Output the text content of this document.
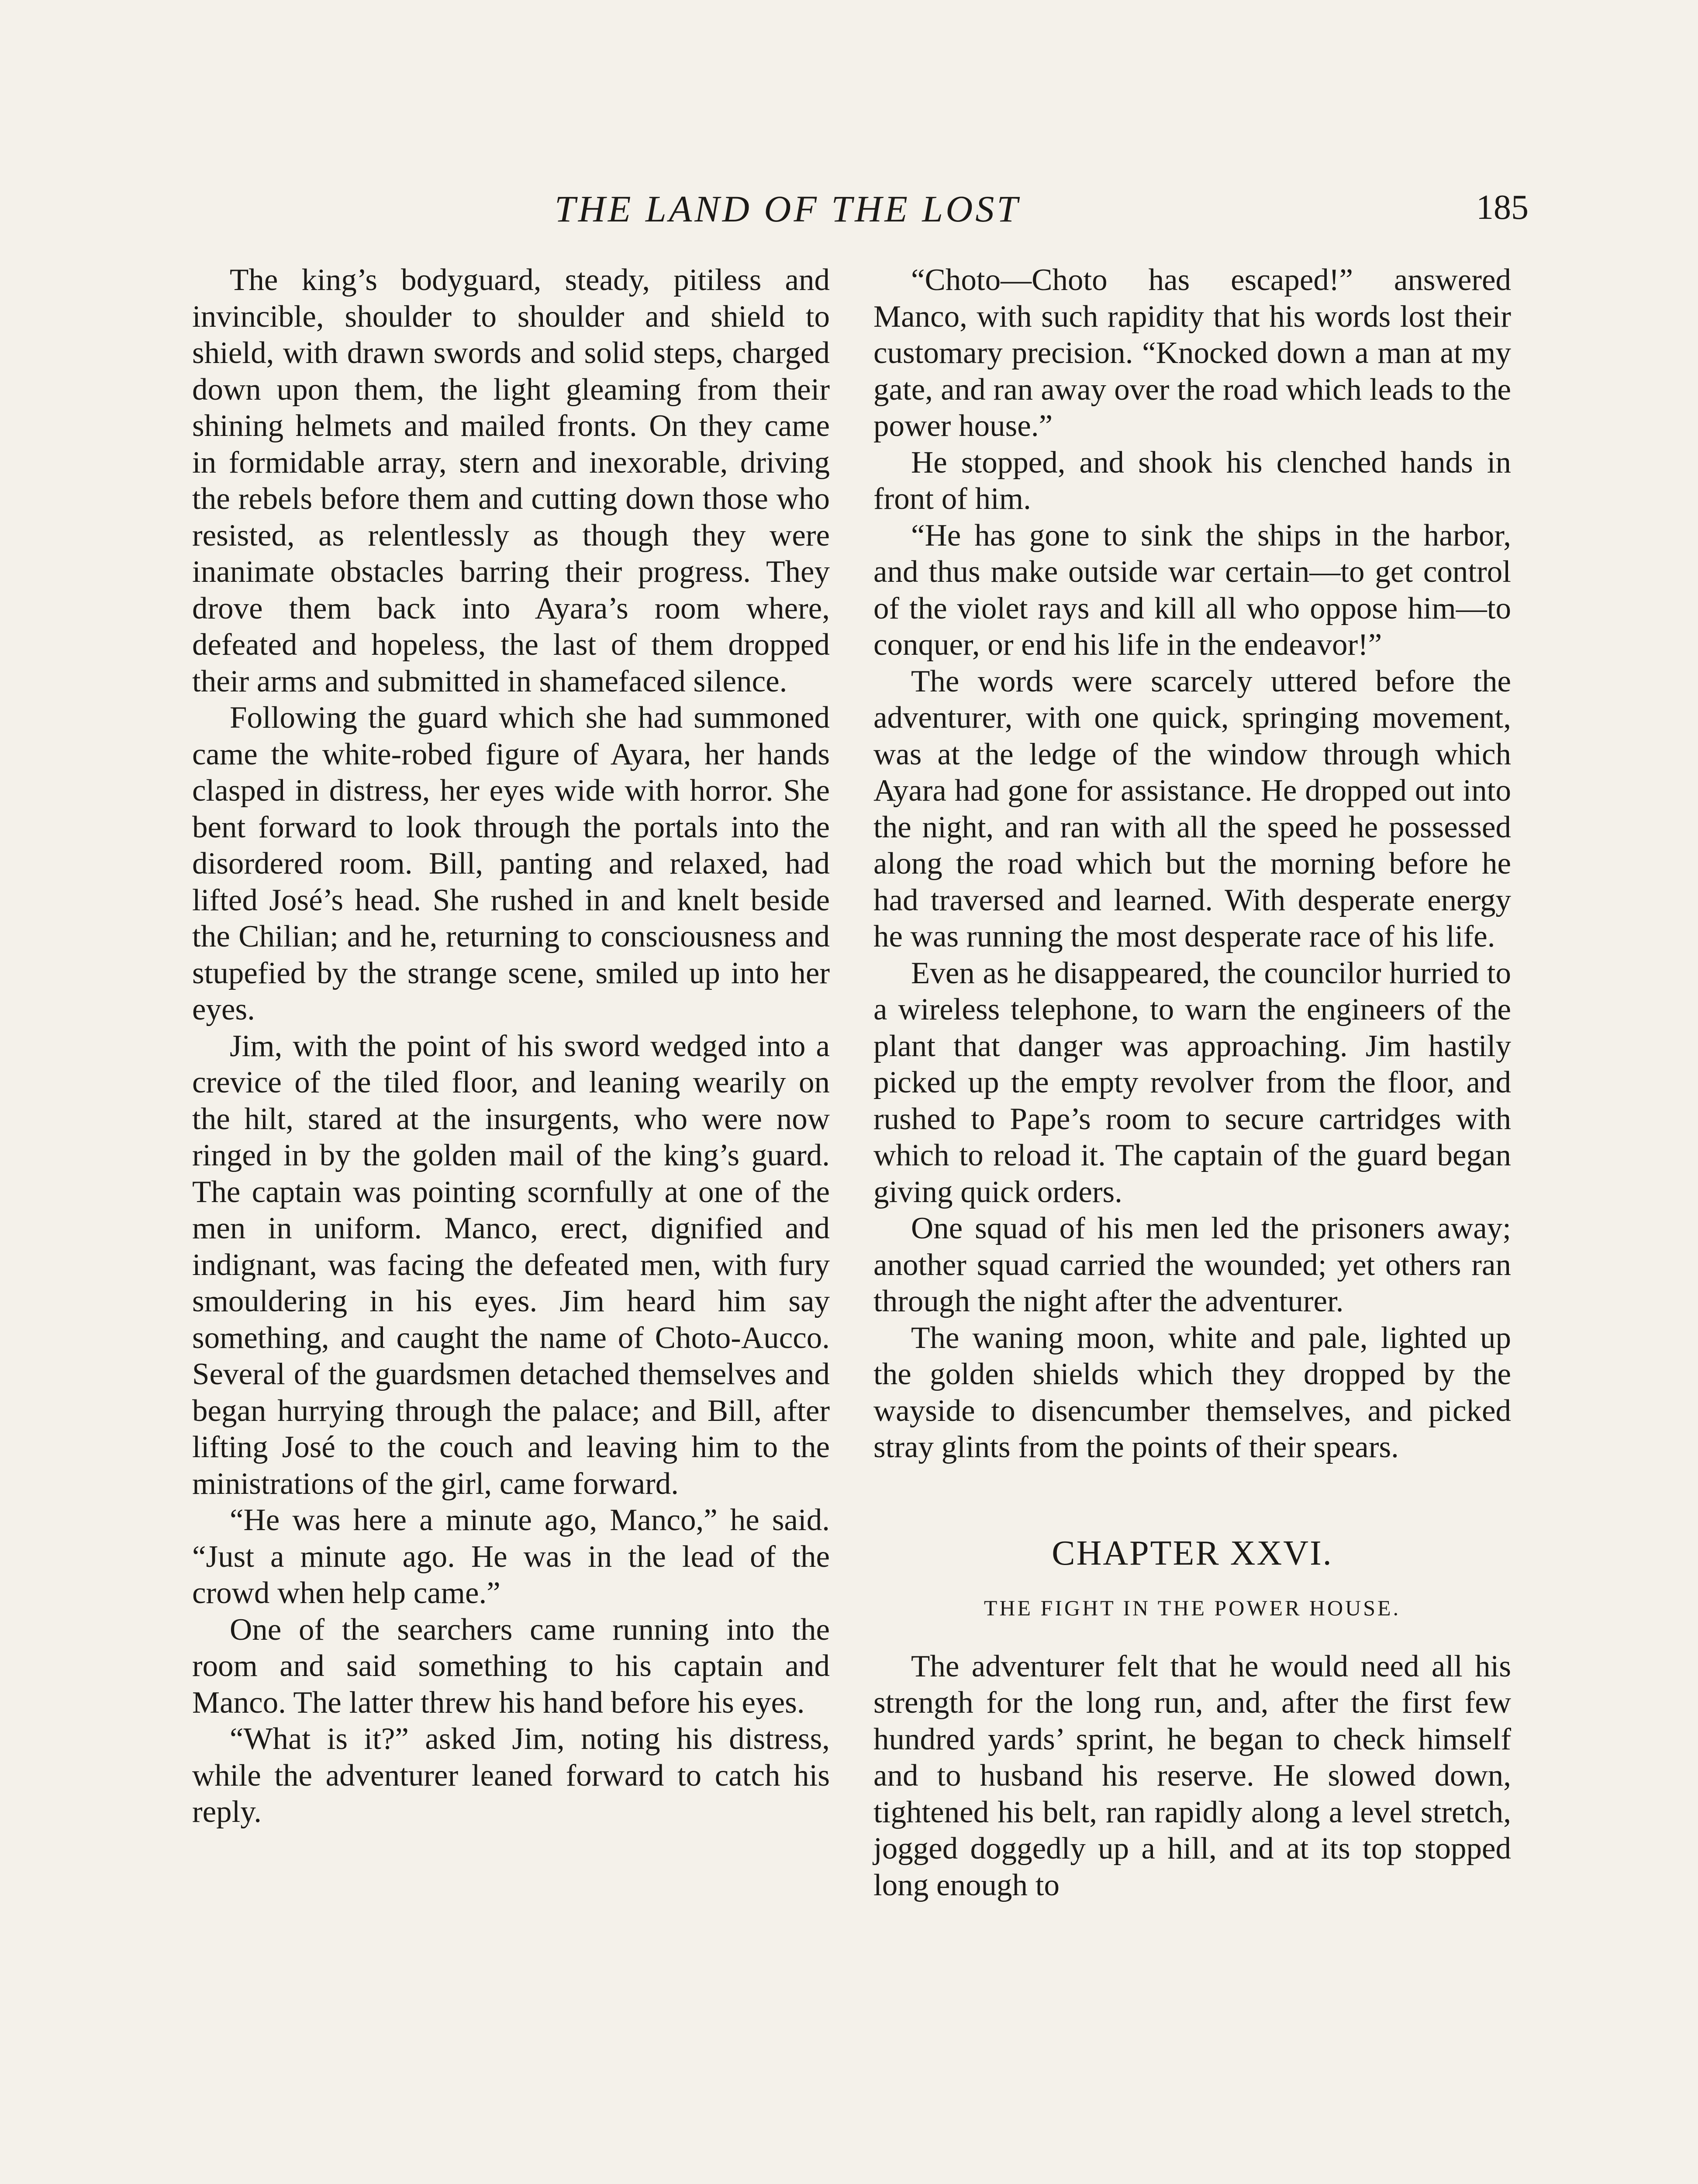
THE LAND OF THE LOST	185

The king’s bodyguard, steady, pitiless and invincible, shoulder to shoulder and shield to shield, with drawn swords and solid steps, charged down upon them, the light gleaming from their shining helmets and mailed fronts. On they came in formidable array, stern and inexorable, driving the rebels before them and cutting down those who resisted, as relentlessly as though they were inanimate obstacles barring their progress. They drove them back into Ayara’s room where, defeated and hopeless, the last of them dropped their arms and submitted in shamefaced silence.

Following the guard which she had summoned came the white-robed figure of Ayara, her hands clasped in distress, her eyes wide with horror. She bent forward to look through the portals into the disordered room. Bill, panting and relaxed, had lifted José’s head. She rushed in and knelt beside the Chilian; and he, returning to consciousness and stupefied by the strange scene, smiled up into her eyes.

Jim, with the point of his sword wedged into a crevice of the tiled floor, and leaning wearily on the hilt, stared at the insurgents, who were now ringed in by the golden mail of the king’s guard. The captain was pointing scornfully at one of the men in uniform. Manco, erect, dignified and indignant, was facing the defeated men, with fury smouldering in his eyes. Jim heard him say something, and caught the name of Choto-Aucco. Several of the guardsmen detached themselves and began hurrying through the palace; and Bill, after lifting José to the couch and leaving him to the ministrations of the girl, came forward.

“He was here a minute ago, Manco,” he said. “Just a minute ago. He was in the lead of the crowd when help came.”

One of the searchers came running into the room and said something to his captain and Manco. The latter threw his hand before his eyes.

“What is it?” asked Jim, noting his distress, while the adventurer leaned forward to catch his reply.

“Choto—Choto has escaped!” answered Manco, with such rapidity that his words lost their customary precision. “Knocked down a man at my gate, and ran away over the road which leads to the power house.”

He stopped, and shook his clenched hands in front of him.

“He has gone to sink the ships in the harbor, and thus make outside war certain—to get control of the violet rays and kill all who oppose him—to conquer, or end his life in the endeavor!”

The words were scarcely uttered before the adventurer, with one quick, springing movement, was at the ledge of the window through which Ayara had gone for assistance. He dropped out into the night, and ran with all the speed he possessed along the road which but the morning before he had traversed and learned. With desperate energy he was running the most desperate race of his life.

Even as he disappeared, the councilor hurried to a wireless telephone, to warn the engineers of the plant that danger was approaching. Jim hastily picked up the empty revolver from the floor, and rushed to Pape’s room to secure cartridges with which to reload it. The captain of the guard began giving quick orders.

One squad of his men led the prisoners away; another squad carried the wounded; yet others ran through the night after the adventurer.

The waning moon, white and pale, lighted up the golden shields which they dropped by the wayside to disencumber themselves, and picked stray glints from the points of their spears.

CHAPTER XXVI.
THE FIGHT IN THE POWER HOUSE.

The adventurer felt that he would need all his strength for the long run, and, after the first few hundred yards’ sprint, he began to check himself and to husband his reserve. He slowed down, tightened his belt, ran rapidly along a level stretch, jogged doggedly up a hill, and at its top stopped long enough to
